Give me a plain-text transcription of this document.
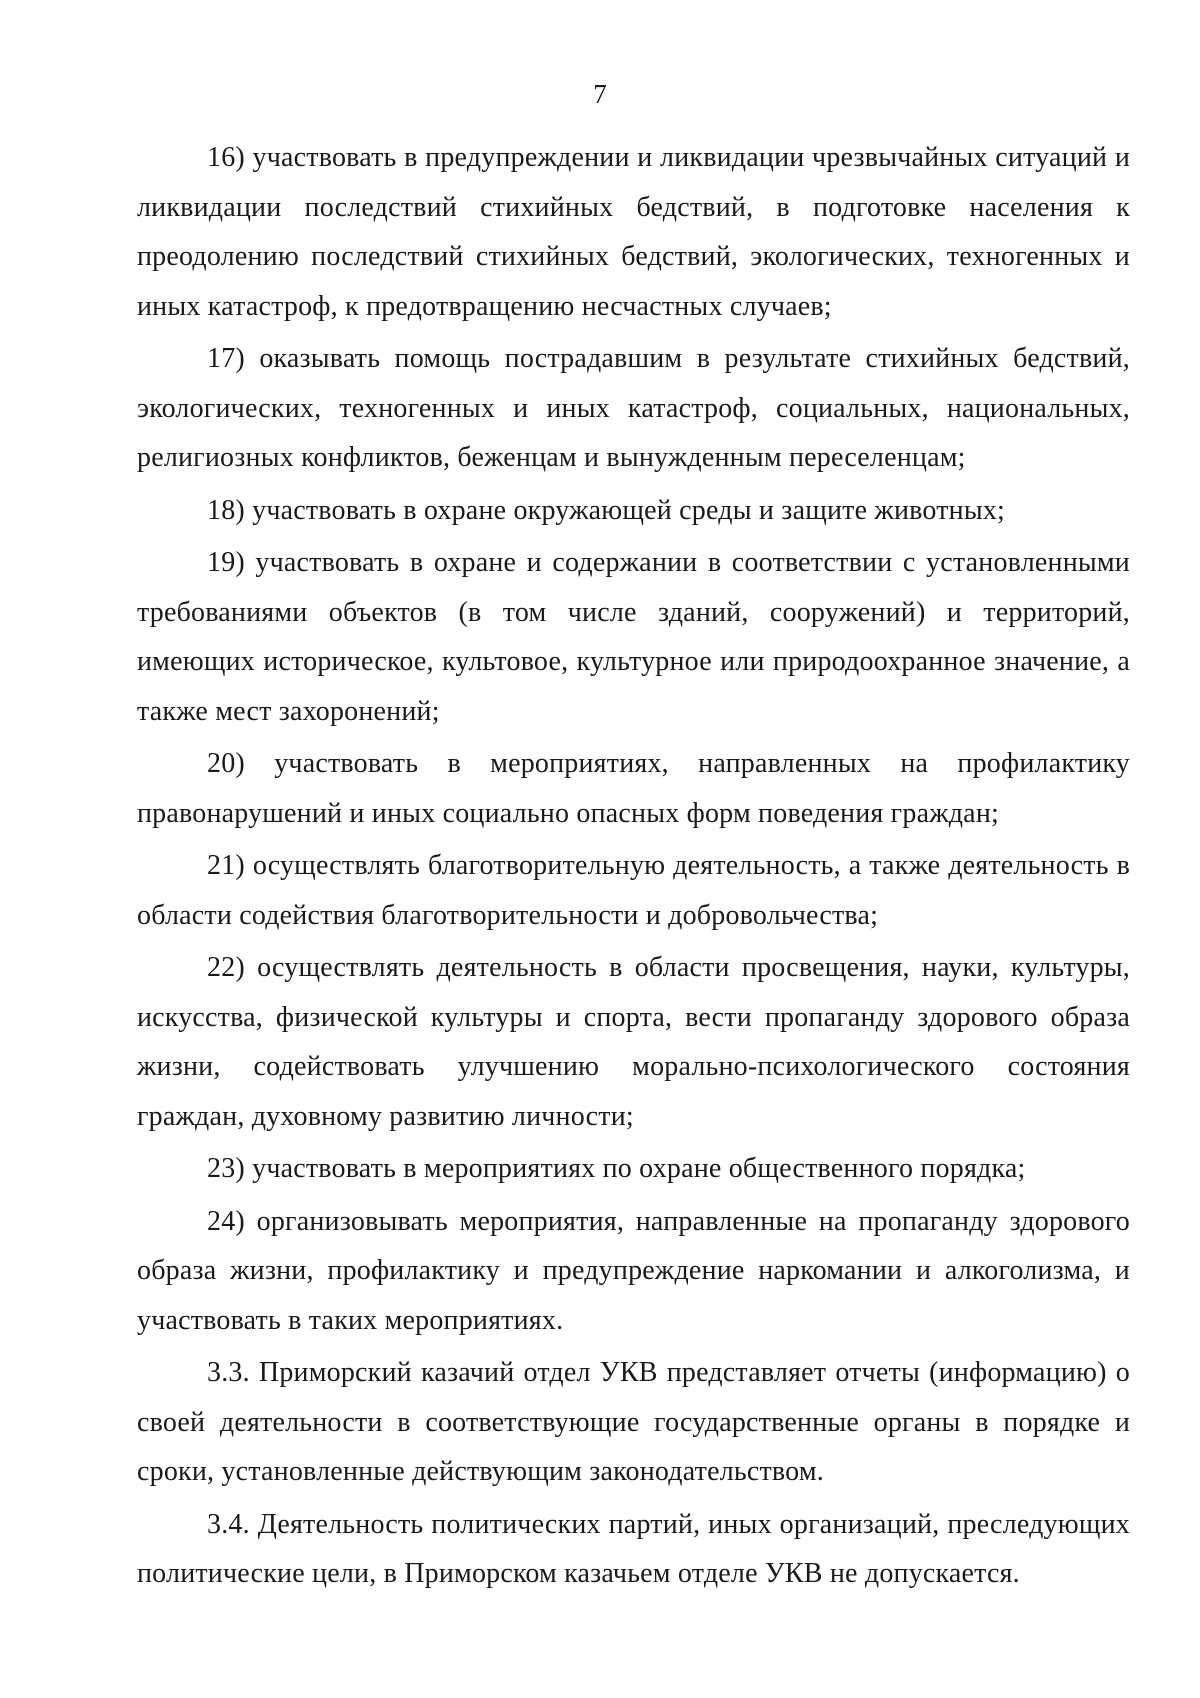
7

16) участвовать в предупреждении и ликвидации чрезвычайных ситуаций и ликвидации последствий стихийных бедствий, в подготовке населения к преодолению последствий стихийных бедствий, экологических, техногенных и иных катастроф, к предотвращению несчастных случаев;

17) оказывать помощь пострадавшим в результате стихийных бедствий, экологических, техногенных и иных катастроф, социальных, национальных, религиозных конфликтов, беженцам и вынужденным переселенцам;

18) участвовать в охране окружающей среды и защите животных;

19) участвовать в охране и содержании в соответствии с установленными требованиями объектов (в том числе зданий, сооружений) и территорий, имеющих историческое, культовое, культурное или природоохранное значение, а также мест захоронений;

20) участвовать в мероприятиях, направленных на профилактику правонарушений и иных социально опасных форм поведения граждан;

21) осуществлять благотворительную деятельность, а также деятельность в области содействия благотворительности и добровольчества;

22) осуществлять деятельность в области просвещения, науки, культуры, искусства, физической культуры и спорта, вести пропаганду здорового образа жизни, содействовать улучшению морально-психологического состояния граждан, духовному развитию личности;

23) участвовать в мероприятиях по охране общественного порядка;

24) организовывать мероприятия, направленные на пропаганду здорового образа жизни, профилактику и предупреждение наркомании и алкоголизма, и участвовать в таких мероприятиях.

3.3. Приморский казачий отдел УКВ представляет отчеты (информацию) о своей деятельности в соответствующие государственные органы в порядке и сроки, установленные действующим законодательством.

3.4. Деятельность политических партий, иных организаций, преследующих политические цели, в Приморском казачьем отделе УКВ не допускается.
